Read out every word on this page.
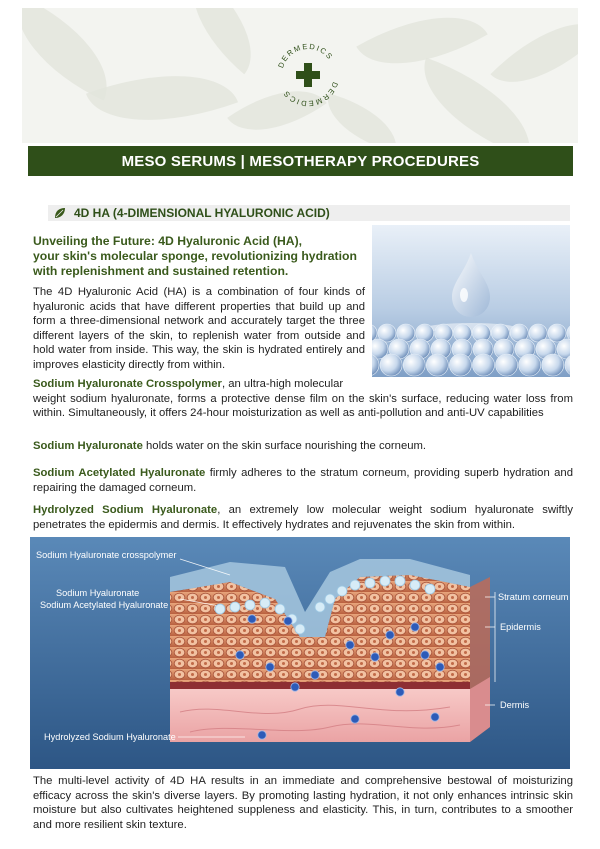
DERMEDICS
DERMEDICS
MESO SERUMS | MESOTHERAPY PROCEDURES
4D HA (4-DIMENSIONAL HYALURONIC ACID)
Unveiling the Future: 4D Hyaluronic Acid (HA),
your skin's molecular sponge, revolutionizing hydration
with replenishment and sustained retention.
The 4D Hyaluronic Acid (HA) is a combination of four kinds of hyaluronic acids that have different properties that build up and form a three-dimensional network and accurately target the three different layers of the skin, to replenish water from outside and hold water from inside. This way, the skin is hydrated entirely and improves elasticity directly from within.
Sodium Hyaluronate Crosspolymer, an ultra-high molecular
weight sodium hyaluronate, forms a protective dense film on the skin's surface, reducing water loss from within. Simultaneously, it offers 24-hour moisturization as well as anti-pollution and anti-UV capabilities
Sodium Hyaluronate holds water on the skin surface nourishing the corneum.
Sodium Acetylated Hyaluronate firmly adheres to the stratum corneum, providing superb hydration and repairing the damaged corneum.
Hydrolyzed Sodium Hyaluronate, an extremely low molecular weight sodium hyaluronate swiftly penetrates the epidermis and dermis. It effectively hydrates and rejuvenates the skin from within.
Sodium Hyaluronate crosspolymer
Sodium Hyaluronate
Sodium Acetylated Hyaluronate
Hydrolyzed Sodium Hyaluronate
Stratum corneum
Epidermis
Dermis
The multi-level activity of 4D HA results in an immediate and comprehensive bestowal of moisturizing efficacy across the skin's diverse layers. By promoting lasting hydration, it not only enhances intrinsic skin moisture but also cultivates heightened suppleness and elasticity. This, in turn, contributes to a smoother and more resilient skin texture.
